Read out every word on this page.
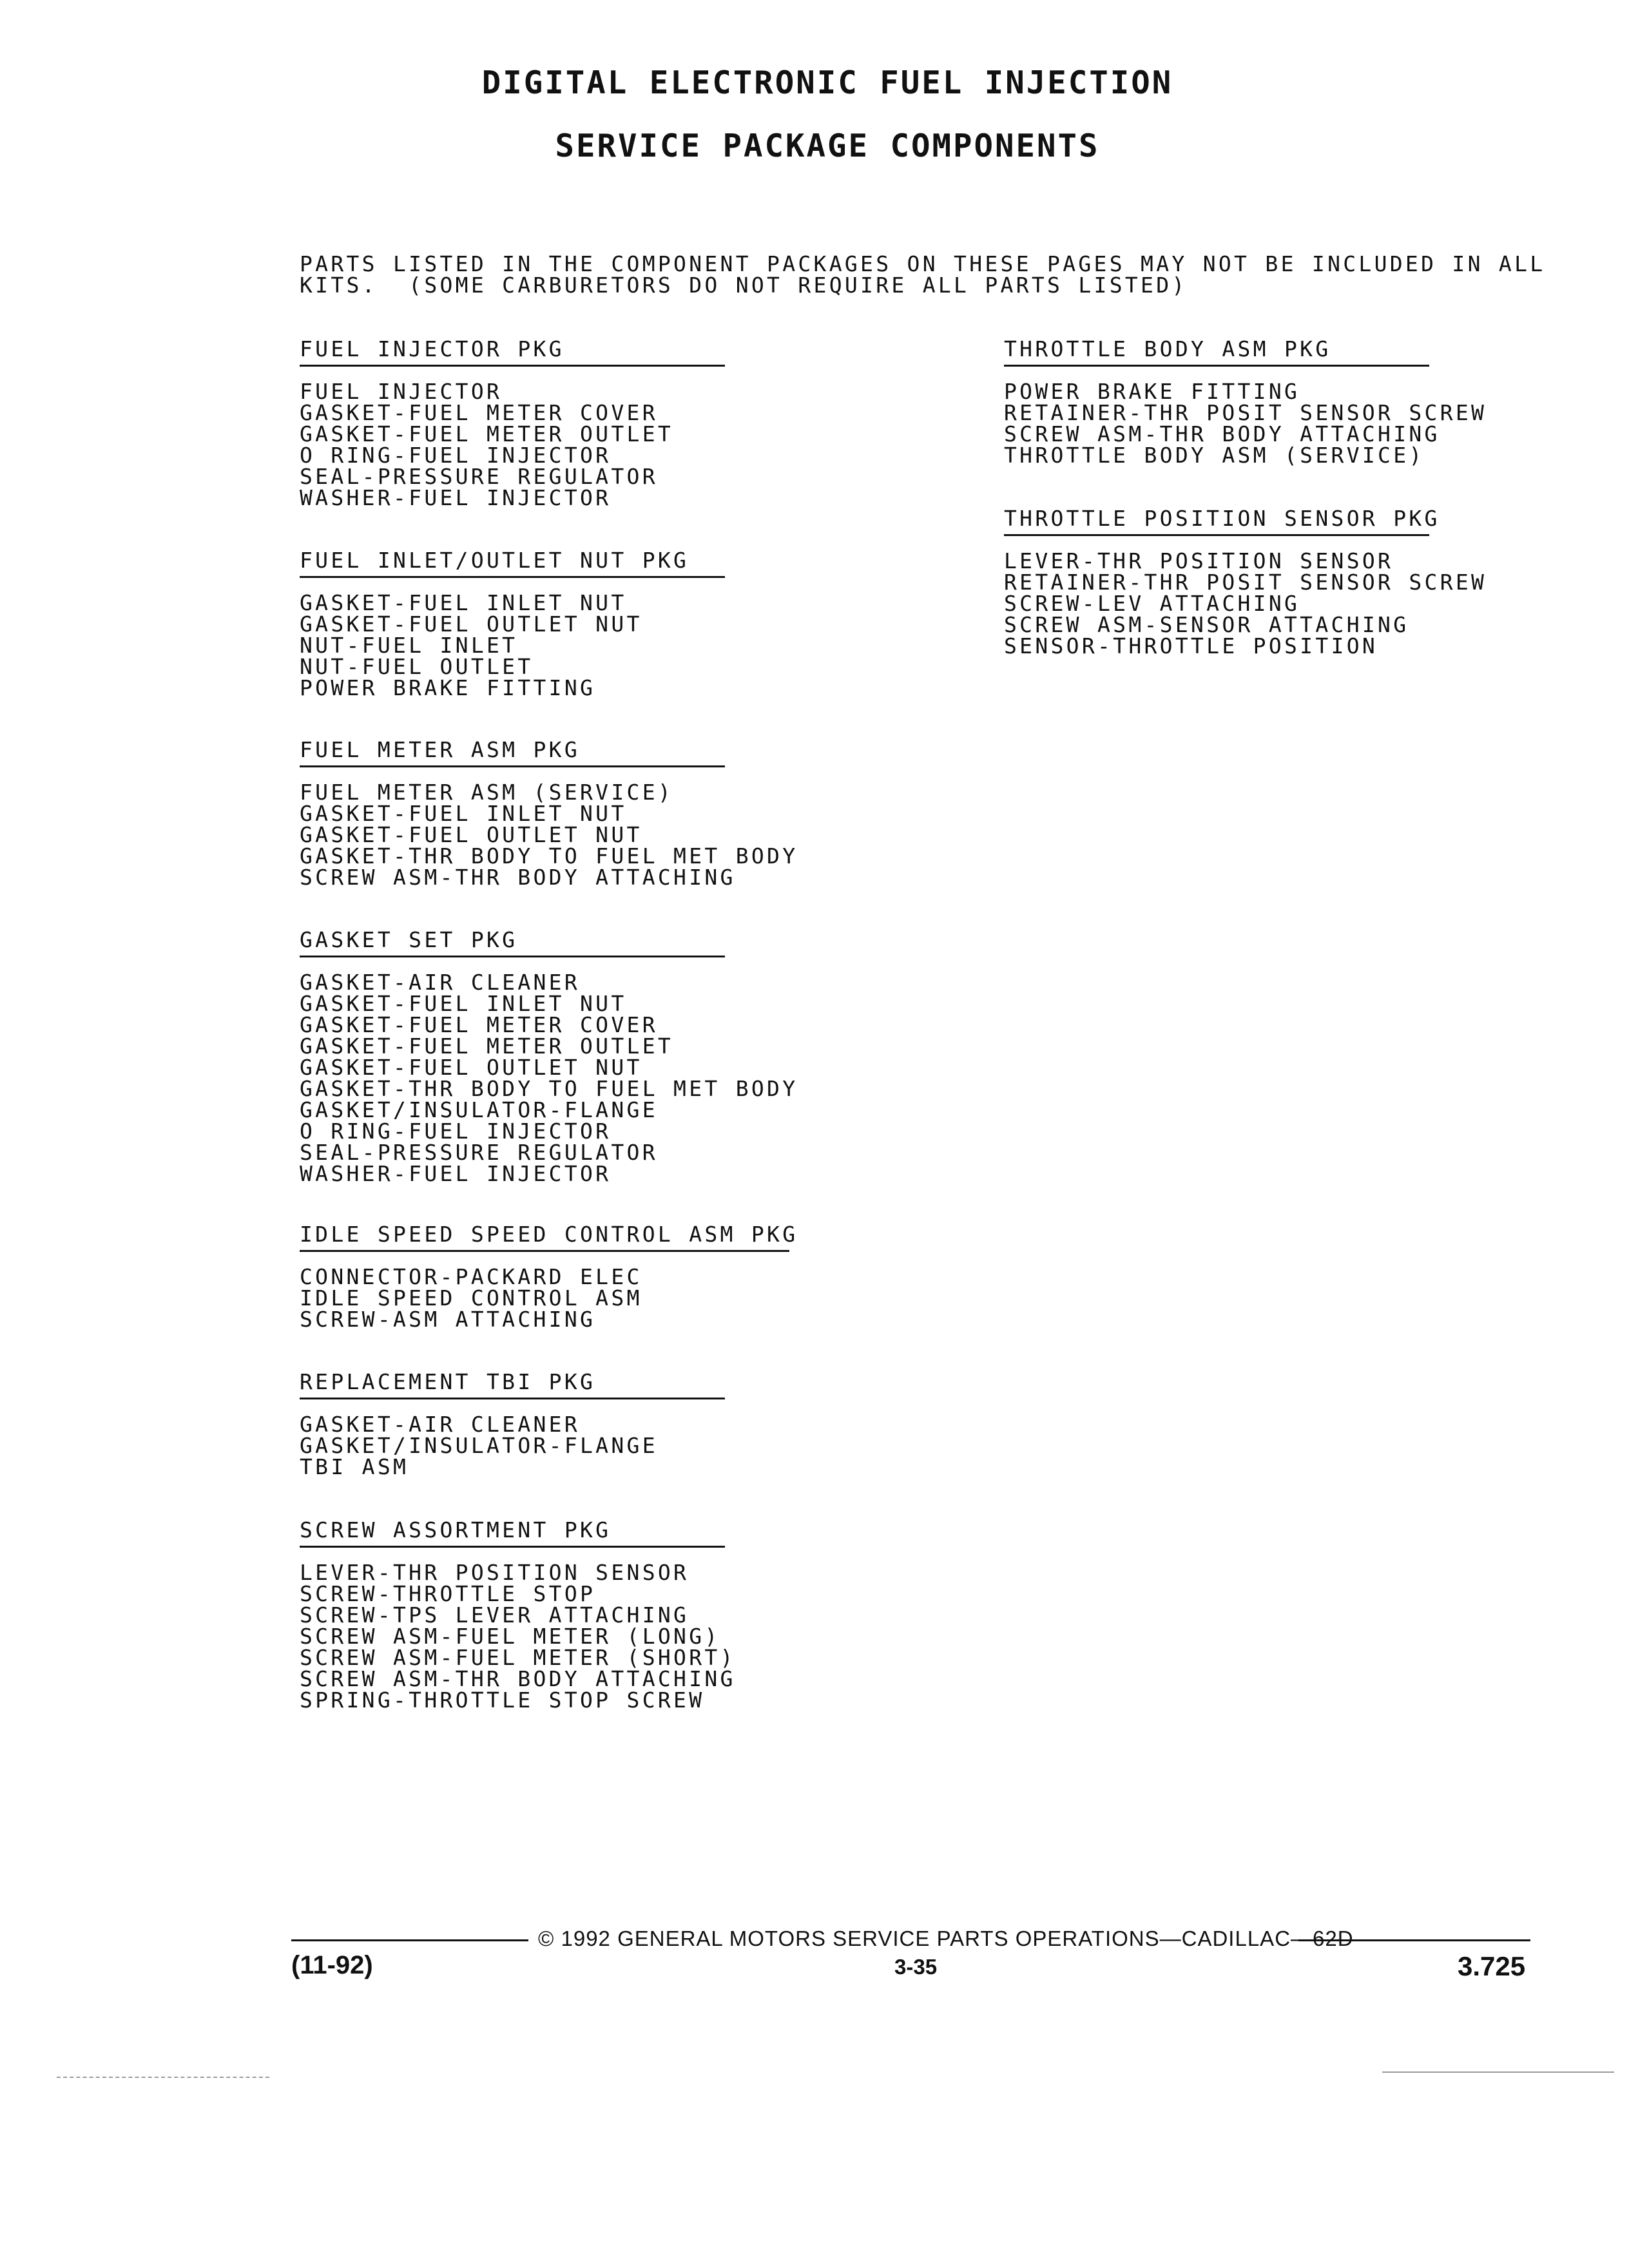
DIGITAL ELECTRONIC FUEL INJECTION
SERVICE PACKAGE COMPONENTS
PARTS LISTED IN THE COMPONENT PACKAGES ON THESE PAGES MAY NOT BE INCLUDED IN ALL
KITS.  (SOME CARBURETORS DO NOT REQUIRE ALL PARTS LISTED)
FUEL INJECTOR PKG
FUEL INJECTOR
GASKET-FUEL METER COVER
GASKET-FUEL METER OUTLET
O RING-FUEL INJECTOR
SEAL-PRESSURE REGULATOR
WASHER-FUEL INJECTOR
FUEL INLET/OUTLET NUT PKG
GASKET-FUEL INLET NUT
GASKET-FUEL OUTLET NUT
NUT-FUEL INLET
NUT-FUEL OUTLET
POWER BRAKE FITTING
FUEL METER ASM PKG
FUEL METER ASM (SERVICE)
GASKET-FUEL INLET NUT
GASKET-FUEL OUTLET NUT
GASKET-THR BODY TO FUEL MET BODY
SCREW ASM-THR BODY ATTACHING
GASKET SET PKG
GASKET-AIR CLEANER
GASKET-FUEL INLET NUT
GASKET-FUEL METER COVER
GASKET-FUEL METER OUTLET
GASKET-FUEL OUTLET NUT
GASKET-THR BODY TO FUEL MET BODY
GASKET/INSULATOR-FLANGE
O RING-FUEL INJECTOR
SEAL-PRESSURE REGULATOR
WASHER-FUEL INJECTOR
IDLE SPEED SPEED CONTROL ASM PKG
CONNECTOR-PACKARD ELEC
IDLE SPEED CONTROL ASM
SCREW-ASM ATTACHING
REPLACEMENT TBI PKG
GASKET-AIR CLEANER
GASKET/INSULATOR-FLANGE
TBI ASM
SCREW ASSORTMENT PKG
LEVER-THR POSITION SENSOR
SCREW-THROTTLE STOP
SCREW-TPS LEVER ATTACHING
SCREW ASM-FUEL METER (LONG)
SCREW ASM-FUEL METER (SHORT)
SCREW ASM-THR BODY ATTACHING
SPRING-THROTTLE STOP SCREW
THROTTLE BODY ASM PKG
POWER BRAKE FITTING
RETAINER-THR POSIT SENSOR SCREW
SCREW ASM-THR BODY ATTACHING
THROTTLE BODY ASM (SERVICE)
THROTTLE POSITION SENSOR PKG
LEVER-THR POSITION SENSOR
RETAINER-THR POSIT SENSOR SCREW
SCREW-LEV ATTACHING
SCREW ASM-SENSOR ATTACHING
SENSOR-THROTTLE POSITION
© 1992 GENERAL MOTORS SERVICE PARTS OPERATIONS—CADILLAC—62D
(11-92)	3-35	3.725
